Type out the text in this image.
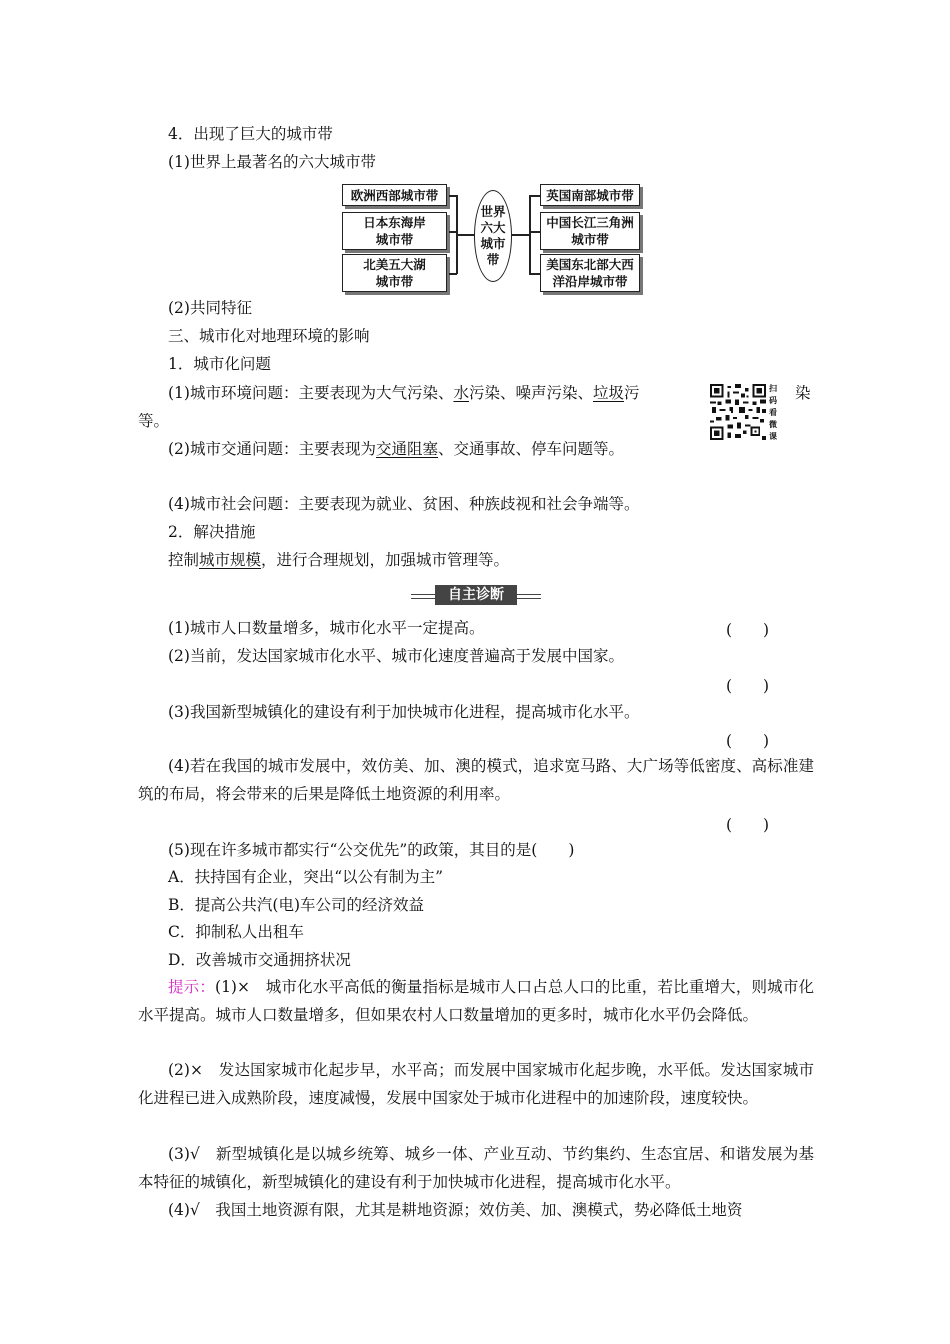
4．出现了巨大的城市带
(1)世界上最著名的六大城市带
欧洲西部城市带
日本东海岸
城市带
北美五大湖
城市带
世界
六大
城市
带
英国南部城市带
中国长江三角洲
城市带
美国东北部大西
洋沿岸城市带
(2)共同特征
三、城市化对地理环境的影响
1．城市化问题
(1)城市环境问题：主要表现为大气污染、水污染、噪声污染、垃圾污	染
等。
扫码看微课
(2)城市交通问题：主要表现为交通阻塞、交通事故、停车问题等。
(4)城市社会问题：主要表现为就业、贫困、种族歧视和社会争端等。
2．解决措施
控制城市规模，进行合理规划，加强城市管理等。
自主诊断
(1)城市人口数量增多，城市化水平一定提高。	(　　)
(2)当前，发达国家城市化水平、城市化速度普遍高于发展中国家。
(　　)
(3)我国新型城镇化的建设有利于加快城市化进程，提高城市化水平。
(　　)
(4)若在我国的城市发展中，效仿美、加、澳的模式，追求宽马路、大广场等低密度、高标准建筑的布局，将会带来的后果是降低土地资源的利用率。
(　　)
(5)现在许多城市都实行“公交优先”的政策，其目的是(　　)
A．扶持国有企业，突出“以公有制为主”
B．提高公共汽(电)车公司的经济效益
C．抑制私人出租车
D．改善城市交通拥挤状况
提示：(1)×　城市化水平高低的衡量指标是城市人口占总人口的比重，若比重增大，则城市化水平提高。城市人口数量增多，但如果农村人口数量增加的更多时，城市化水平仍会降低。
(2)×　发达国家城市化起步早，水平高；而发展中国家城市化起步晚，水平低。发达国家城市化进程已进入成熟阶段，速度减慢，发展中国家处于城市化进程中的加速阶段，速度较快。
(3)√　新型城镇化是以城乡统筹、城乡一体、产业互动、节约集约、生态宜居、和谐发展为基本特征的城镇化，新型城镇化的建设有利于加快城市化进程，提高城市化水平。
(4)√　我国土地资源有限，尤其是耕地资源；效仿美、加、澳模式，势必降低土地资
